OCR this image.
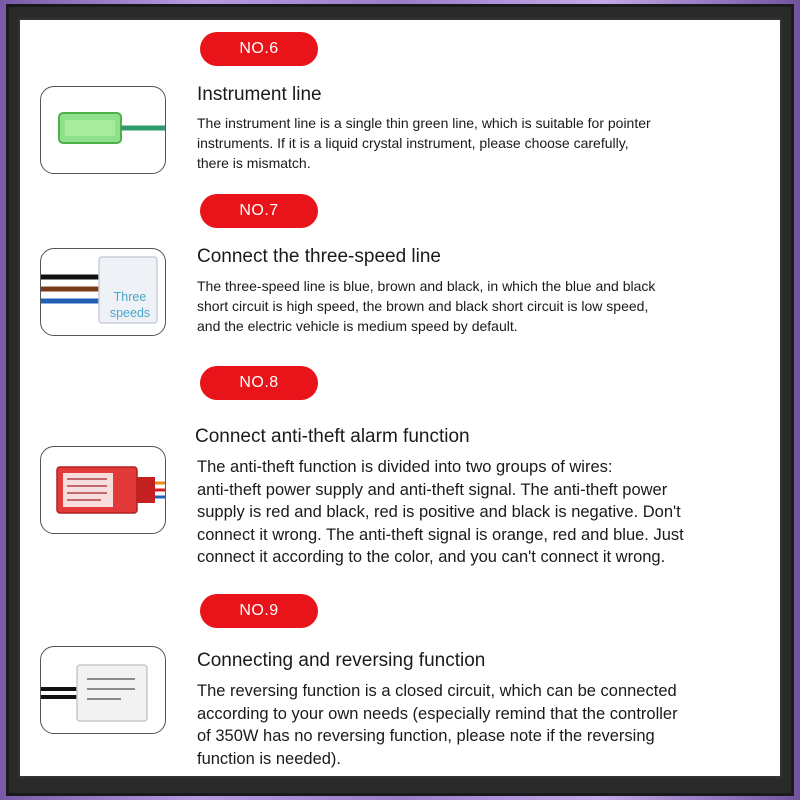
NO.6
Instrument line
The instrument line is a single thin green line, which is suitable for pointer
instruments. If it is a liquid crystal instrument, please choose carefully,
there is mismatch.
NO.7
Three
speeds
Connect the three-speed line
The three-speed line is blue, brown and black, in which the blue and black
short circuit is high speed, the brown and black short circuit is low speed,
and the electric vehicle is medium speed by default.
NO.8
Connect anti-theft alarm function
The anti-theft function is divided into two groups of wires:
anti-theft power supply and anti-theft signal. The anti-theft power
supply is red and black, red is positive and black is negative. Don't
connect it wrong. The anti-theft signal is orange, red and blue. Just
connect it according to the color, and you can't connect it wrong.
NO.9
Connecting and reversing function
The reversing function is a closed circuit, which can be connected
according to your own needs (especially remind that the controller
of 350W has no reversing function, please note if the reversing
function is needed).
